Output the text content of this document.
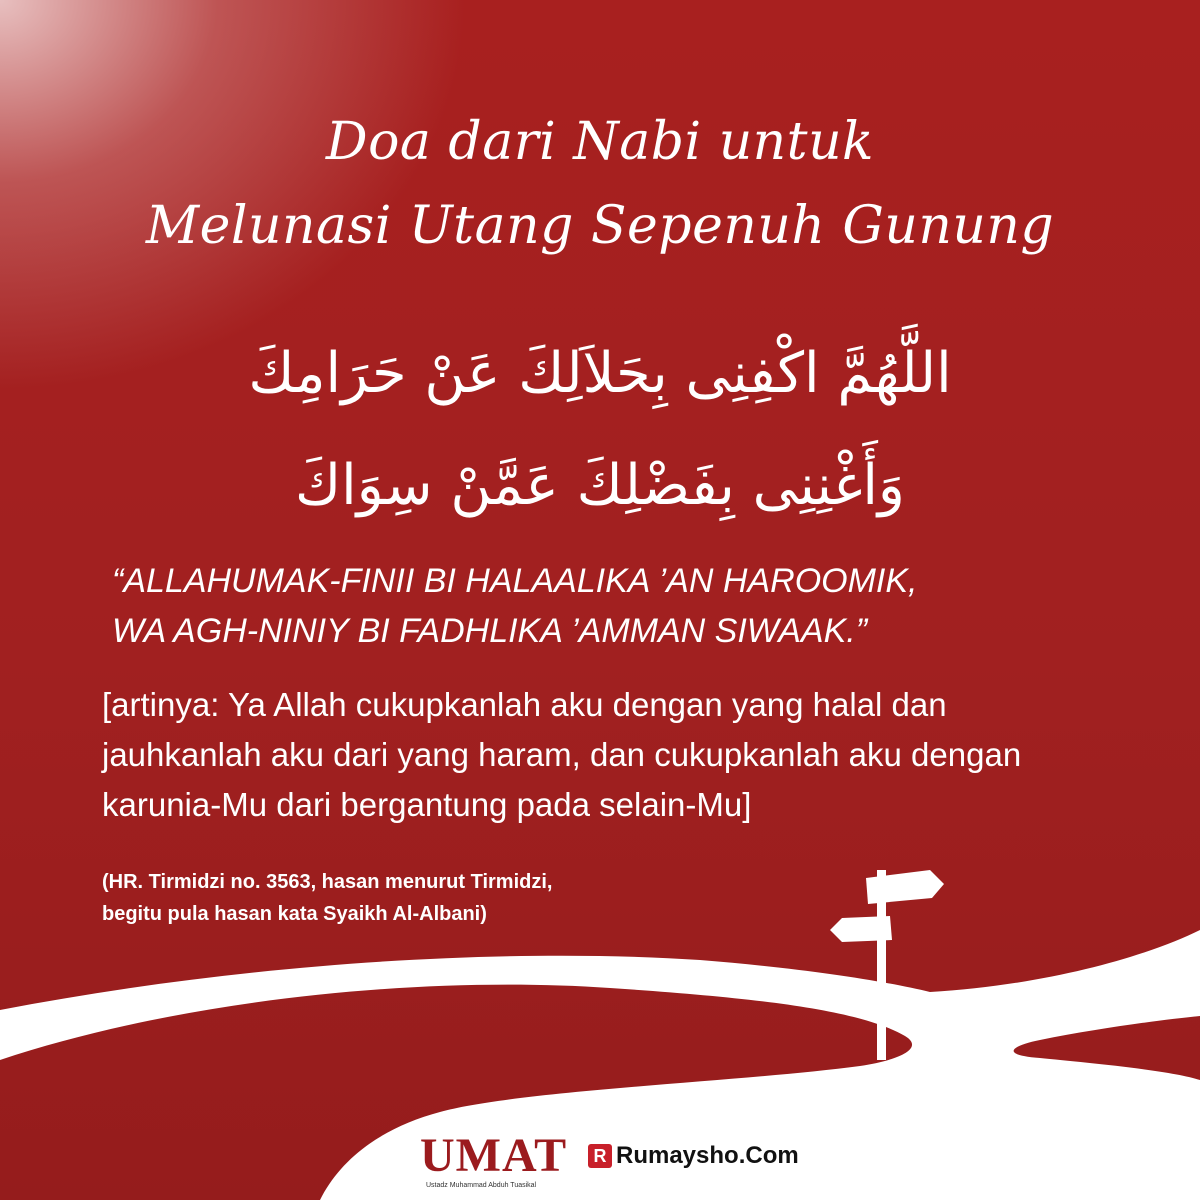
Doa dari Nabi untuk
Melunasi Utang Sepenuh Gunung
اللَّهُمَّ اكْفِنِى بِحَلاَلِكَ عَنْ حَرَامِكَ
وَأَغْنِنِى بِفَضْلِكَ عَمَّنْ سِوَاكَ
“ALLAHUMAK-FINII BI HALAALIKA ’AN HAROOMIK,
WA AGH-NINIY BI FADHLIKA ’AMMAN SIWAAK.”
[artinya: Ya Allah cukupkanlah aku dengan yang halal dan
jauhkanlah aku dari yang haram, dan cukupkanlah aku dengan
karunia-Mu dari bergantung pada selain-Mu]
(HR. Tirmidzi no. 3563, hasan menurut Tirmidzi,
begitu pula hasan kata Syaikh Al-Albani)
UMAT
Ustadz Muhammad Abduh Tuasikal
R Rumaysho.Com
